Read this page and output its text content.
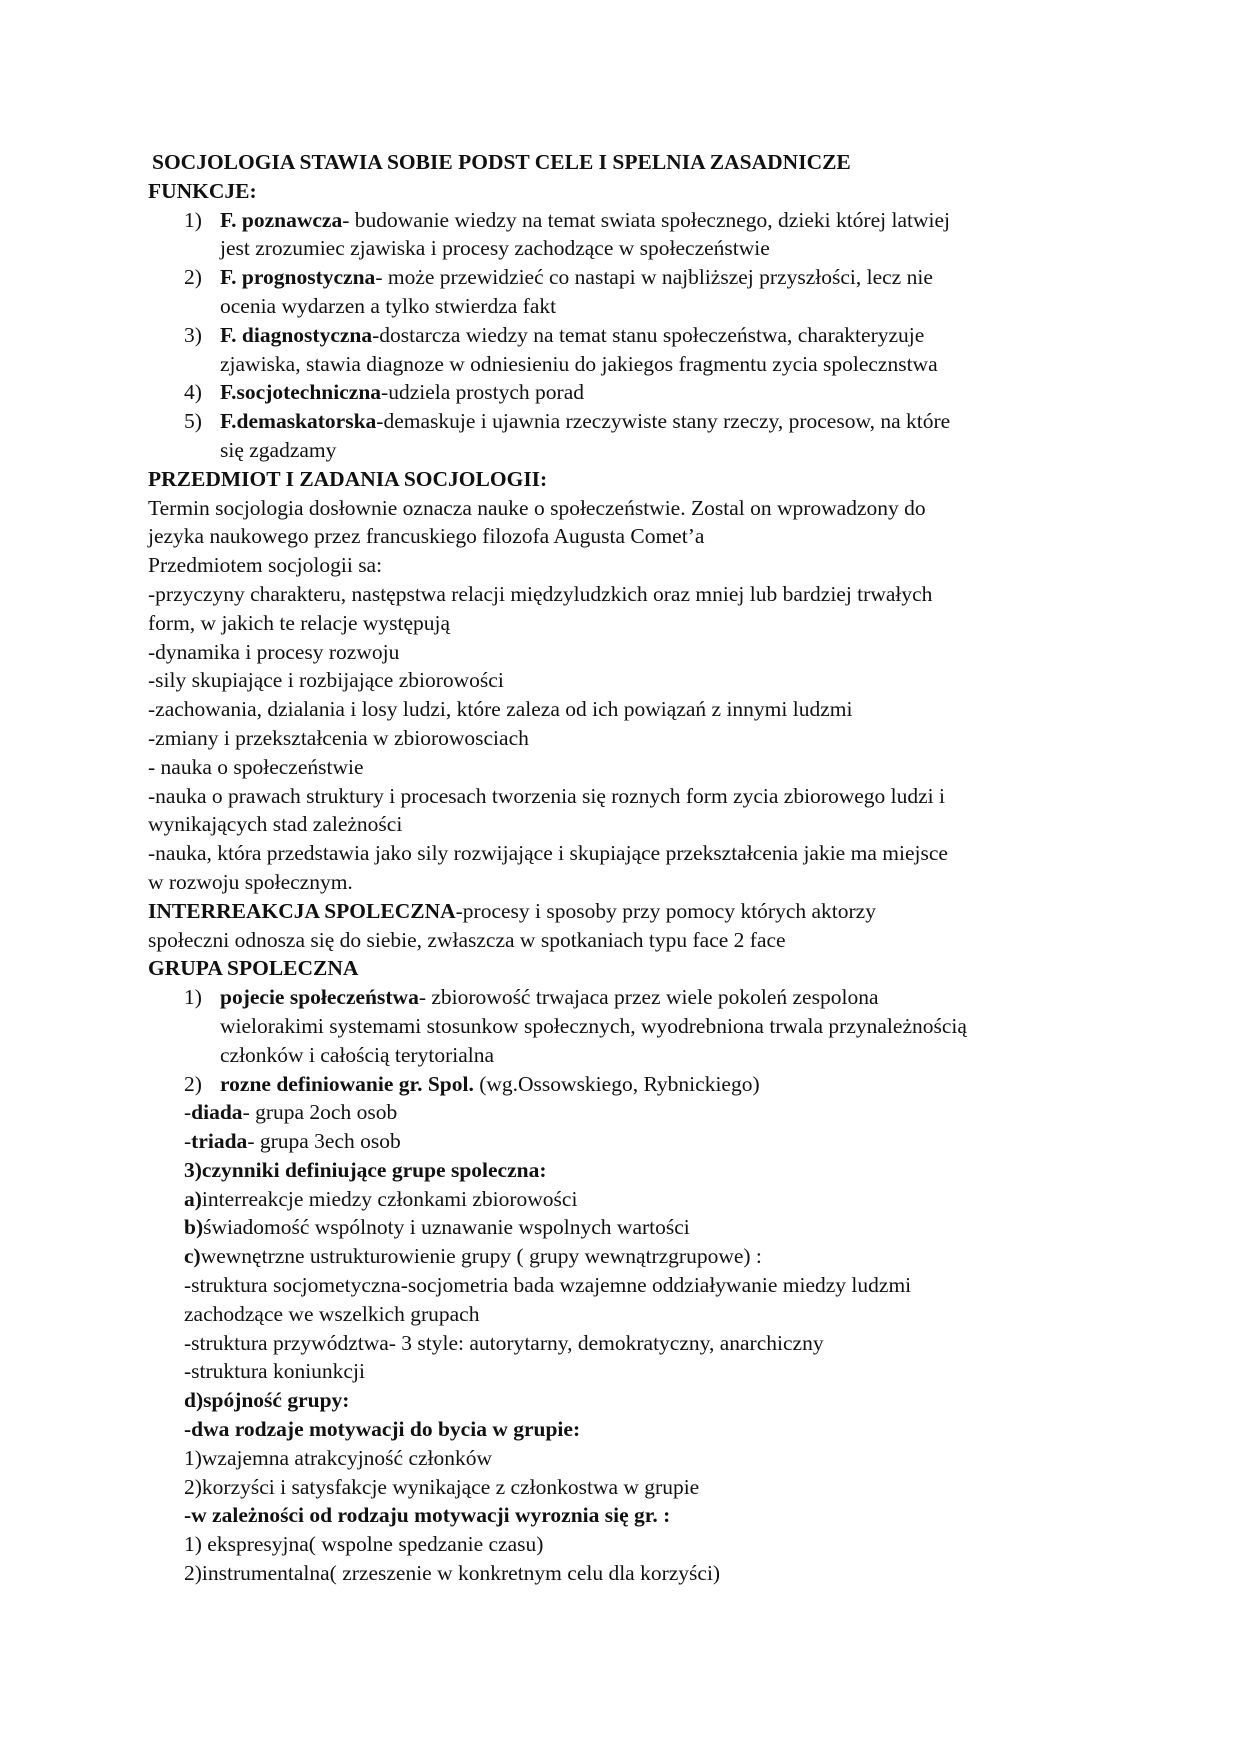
SOCJOLOGIA STAWIA SOBIE PODST CELE I SPELNIA ZASADNICZE
FUNKCJE:
1) F. poznawcza- budowanie wiedzy na temat swiata społecznego, dzieki której latwiej
jest zrozumiec zjawiska i procesy zachodzące w społeczeństwie
2) F. prognostyczna- może przewidzieć co nastapi w najbliższej przyszłości, lecz nie
ocenia wydarzen a tylko stwierdza fakt
3) F. diagnostyczna-dostarcza wiedzy na temat stanu społeczeństwa, charakteryzuje
zjawiska, stawia diagnoze w odniesieniu do jakiegos fragmentu zycia spolecznstwa
4) F.socjotechniczna-udziela prostych porad
5) F.demaskatorska-demaskuje i ujawnia rzeczywiste stany rzeczy, procesow, na które
się zgadzamy
PRZEDMIOT I ZADANIA SOCJOLOGII:
Termin socjologia dosłownie oznacza nauke o społeczeństwie. Zostal on wprowadzony do
jezyka naukowego przez francuskiego filozofa Augusta Comet’a
Przedmiotem socjologii sa:
-przyczyny charakteru, następstwa relacji międzyludzkich oraz mniej lub bardziej trwałych
form, w jakich te relacje występują
-dynamika i procesy rozwoju
-sily skupiające i rozbijające zbiorowości
-zachowania, dzialania i losy ludzi, które zaleza od ich powiązań z innymi ludzmi
-zmiany i przekształcenia w zbiorowosciach
- nauka o społeczeństwie
-nauka o prawach struktury i procesach tworzenia się roznych form zycia zbiorowego ludzi i
wynikających stad zależności
-nauka, która przedstawia jako sily rozwijające i skupiające przekształcenia jakie ma miejsce
w rozwoju społecznym.
INTERREAKCJA SPOLECZNA-procesy i sposoby przy pomocy których aktorzy
społeczni odnosza się do siebie, zwłaszcza w spotkaniach typu face 2 face
GRUPA SPOLECZNA
1) pojecie społeczeństwa- zbiorowość trwajaca przez wiele pokoleń zespolona
wielorakimi systemami stosunkow społecznych, wyodrebniona trwala przynależnością
członków i całością terytorialna
2) rozne definiowanie gr. Spol. (wg.Ossowskiego, Rybnickiego)
-diada- grupa 2och osob
-triada- grupa 3ech osob
3)czynniki definiujące grupe spoleczna:
a)interreakcje miedzy członkami zbiorowości
b)świadomość wspólnoty i uznawanie wspolnych wartości
c)wewnętrzne ustrukturowienie grupy ( grupy wewnątrzgrupowe) :
-struktura socjometyczna-socjometria bada wzajemne oddziaływanie miedzy ludzmi
zachodzące we wszelkich grupach
-struktura przywództwa- 3 style: autorytarny, demokratyczny, anarchiczny
-struktura koniunkcji
d)spójność grupy:
-dwa rodzaje motywacji do bycia w grupie:
1)wzajemna atrakcyjność członków
2)korzyści i satysfakcje wynikające z członkostwa w grupie
-w zależności od rodzaju motywacji wyroznia się gr. :
1) ekspresyjna( wspolne spedzanie czasu)
2)instrumentalna( zrzeszenie w konkretnym celu dla korzyści)
